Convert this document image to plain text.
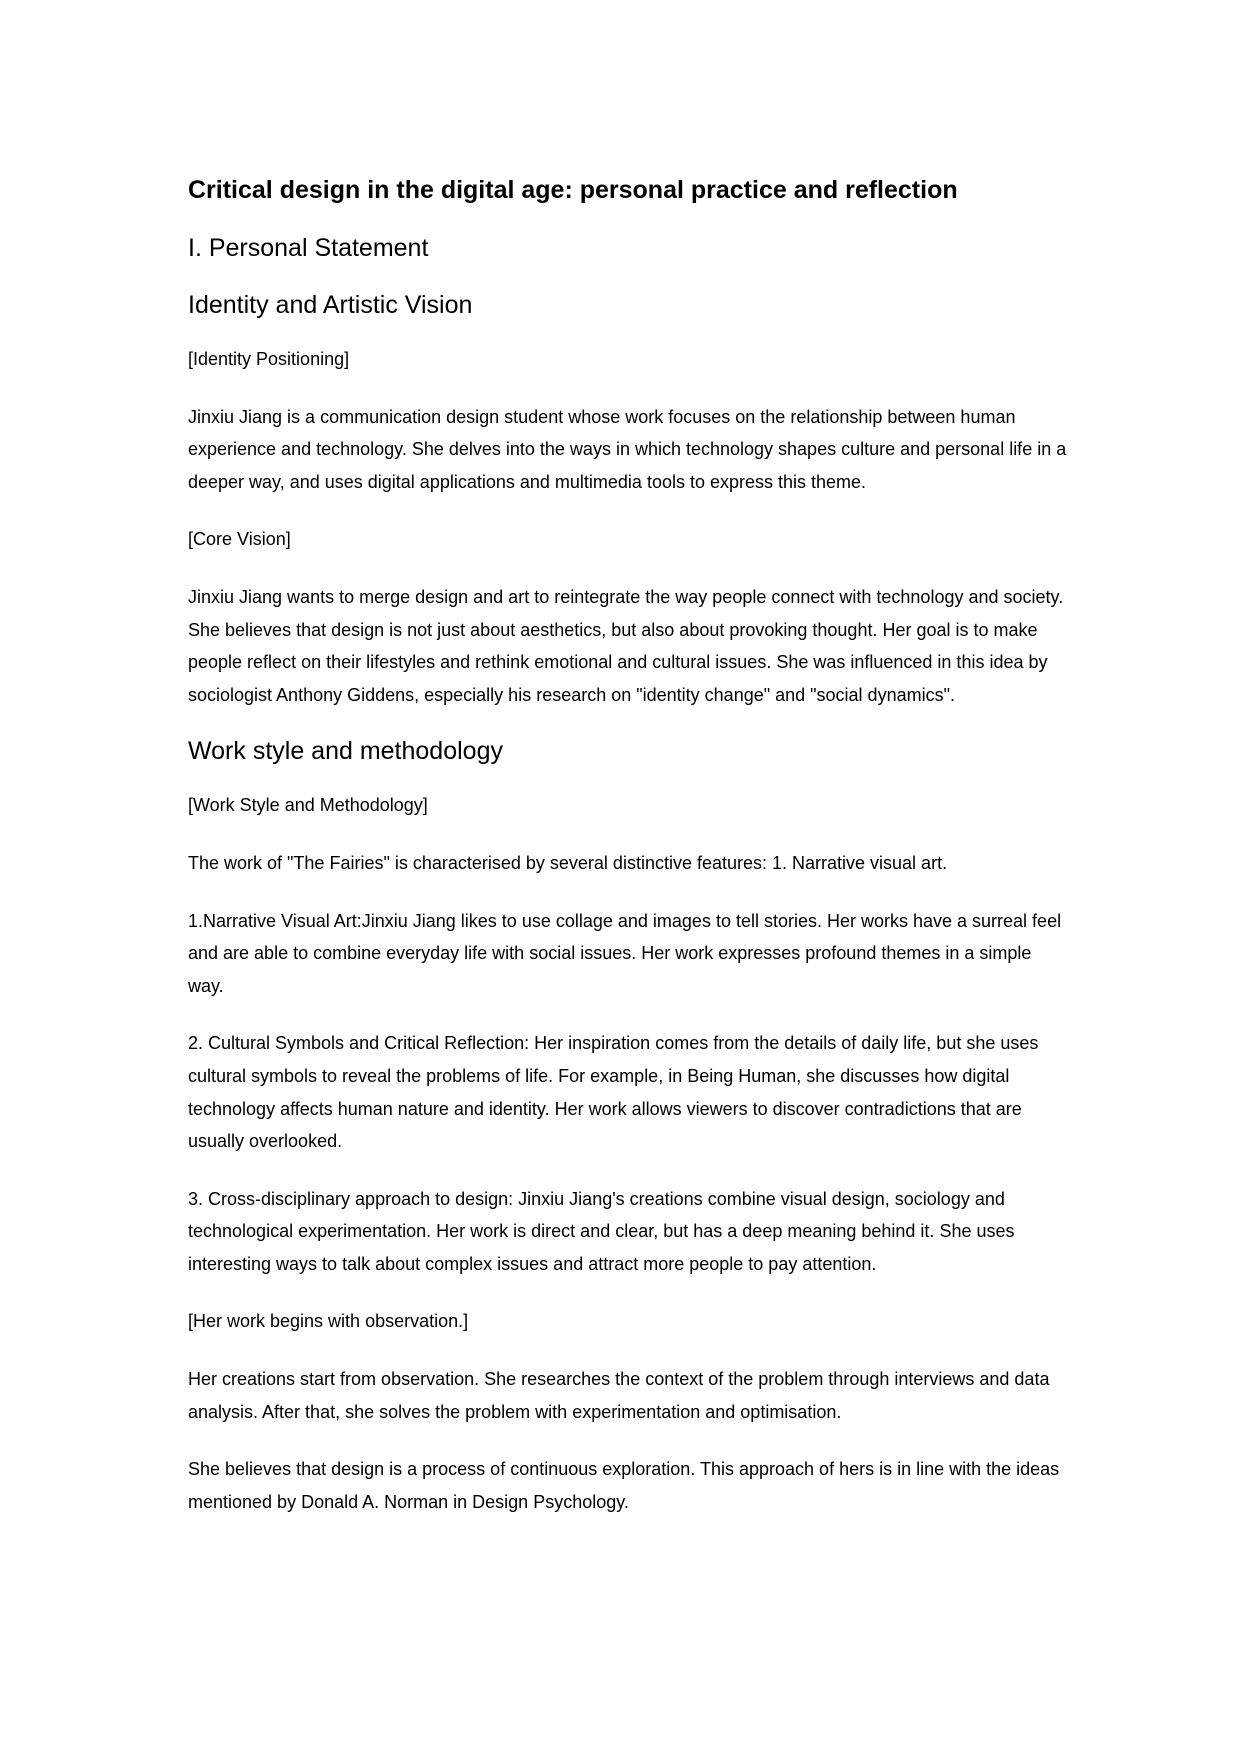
Critical design in the digital age: personal practice and reflection
I. Personal Statement
Identity and Artistic Vision

[Identity Positioning]

Jinxiu Jiang is a communication design student whose work focuses on the relationship between human experience and technology. She delves into the ways in which technology shapes culture and personal life in a deeper way, and uses digital applications and multimedia tools to express this theme.

[Core Vision]

Jinxiu Jiang wants to merge design and art to reintegrate the way people connect with technology and society. She believes that design is not just about aesthetics, but also about provoking thought. Her goal is to make people reflect on their lifestyles and rethink emotional and cultural issues. She was influenced in this idea by sociologist Anthony Giddens, especially his research on "identity change" and "social dynamics".

Work style and methodology

[Work Style and Methodology]

The work of "The Fairies" is characterised by several distinctive features: 1. Narrative visual art.

1.Narrative Visual Art:Jinxiu Jiang likes to use collage and images to tell stories. Her works have a surreal feel and are able to combine everyday life with social issues. Her work expresses profound themes in a simple way.

2. Cultural Symbols and Critical Reflection: Her inspiration comes from the details of daily life, but she uses cultural symbols to reveal the problems of life. For example, in Being Human, she discusses how digital technology affects human nature and identity. Her work allows viewers to discover contradictions that are usually overlooked.

3. Cross-disciplinary approach to design: Jinxiu Jiang's creations combine visual design, sociology and technological experimentation. Her work is direct and clear, but has a deep meaning behind it. She uses interesting ways to talk about complex issues and attract more people to pay attention.

[Her work begins with observation.]

Her creations start from observation. She researches the context of the problem through interviews and data analysis. After that, she solves the problem with experimentation and optimisation.

She believes that design is a process of continuous exploration. This approach of hers is in line with the ideas mentioned by Donald A. Norman in Design Psychology.
